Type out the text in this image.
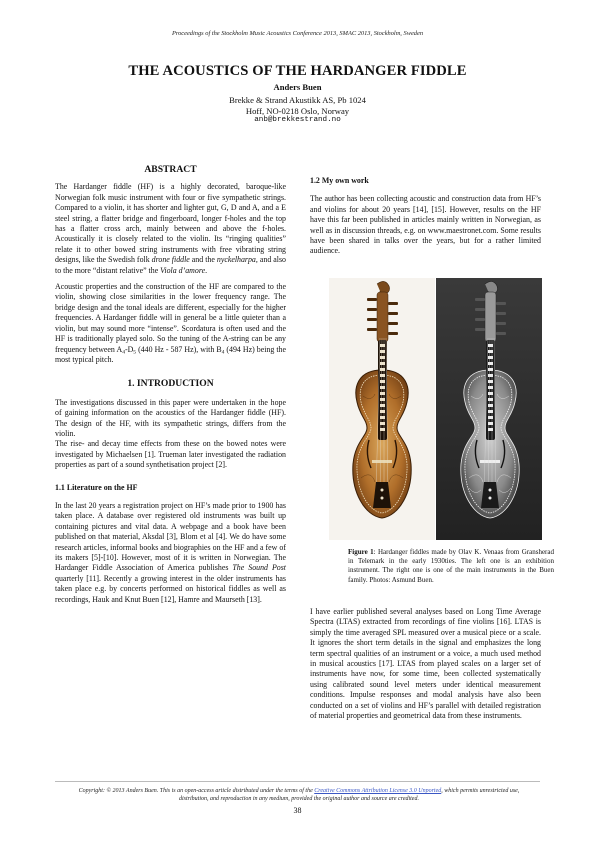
Proceedings of the Stockholm Music Acoustics Conference 2013, SMAC 2013, Stockholm, Sweden
THE ACOUSTICS OF THE HARDANGER FIDDLE
Anders Buen
Brekke & Strand Akustikk AS, Pb 1024
Hoff, NO-0218 Oslo, Norway
anb@brekkestrand.no
ABSTRACT

The Hardanger fiddle (HF) is a highly decorated, baroque-like Norwegian folk music instrument with four or five sympathetic strings. Compared to a violin, it has shorter and lighter gut, G, D and A, and a E steel string, a flatter bridge and fingerboard, longer f-holes and the top has a flatter cross arch, mainly between and above the f-holes. Acoustically it is closely related to the violin. Its “ringing qualities” relate it to other bowed string instruments with free vibrating string designs, like the Swedish folk drone fiddle and the nyckelharpa, and also to the more “distant relative” the Viola d’amore.

Acoustic properties and the construction of the HF are compared to the violin, showing close similarities in the lower frequency range. The bridge design and the tonal ideals are different, especially for the higher frequencies. A Hardanger fiddle will in general be a little quieter than a violin, but may sound more “intense”. Scordatura is often used and the HF is traditionally played solo. So the tuning of the A-string can be any frequency between $A_4-D_5$ (440 Hz - 587 Hz), with $B_4$ (494 Hz) being the most typical pitch.

1. INTRODUCTION

The investigations discussed in this paper were undertaken in the hope of gaining information on the acoustics of the Hardanger fiddle (HF). The design of the HF, with its sympathetic strings, differs from the violin.

The rise- and decay time effects from these on the bowed notes were investigated by Michaelsen [1]. Trueman later investigated the radiation properties as part of a sound synthetisation project [2].

1.1 Literature on the HF

In the last 20 years a registration project on HF’s made prior to 1900 has taken place. A database over registered old instruments was built up containing pictures and vital data. A webpage and a book have been published on that material, Aksdal [3], Blom et al [4]. We do have some research articles, informal books and biographies on the HF and a few of its makers [5]-[10]. However, most of it is written in Norwegian. The Hardanger Fiddle Association of America publishes The Sound Post quarterly [11]. Recently a growing interest in the older instruments has taken place e.g. by concerts performed on historical fiddles as well as recordings, Hauk and Knut Buen [12], Hamre and Maurseth [13].

1.2 My own work

The author has been collecting acoustic and construction data from HF’s and violins for about 20 years [14], [15]. However, results on the HF have this far been published in articles mainly written in Norwegian, as well as in discussion threads, e.g. on www.maestronet.com. Some results have been shared in talks over the years, but for a rather limited audience.

Figure 1: Hardanger fiddles made by Olav K. Venaas from Gransherad in Telemark in the early 1930ties. The left one is an exhibition instrument. The right one is one of the main instruments in the Buen family. Photos: Asmund Buen.

I have earlier published several analyses based on Long Time Average Spectra (LTAS) extracted from recordings of fine violins [16]. LTAS is simply the time averaged SPL measured over a musical piece or a scale. It ignores the short term details in the signal and emphasizes the long term spectral qualities of an instrument or a voice, a much used method in musical acoustics [17]. LTAS from played scales on a larger set of instruments have now, for some time, been collected systematically using calibrated sound level meters under identical measurement conditions. Impulse responses and modal analysis have also been conducted on a set of violins and HF’s parallel with detailed registration of material properties and geometrical data from these instruments.

Copyright: © 2013 Anders Buen. This is an open-access article distributed under the terms of the Creative Commons Attribution License 3.0 Unported, which permits unrestricted use, distribution, and reproduction in any medium, provided the original author and source are credited.
38
